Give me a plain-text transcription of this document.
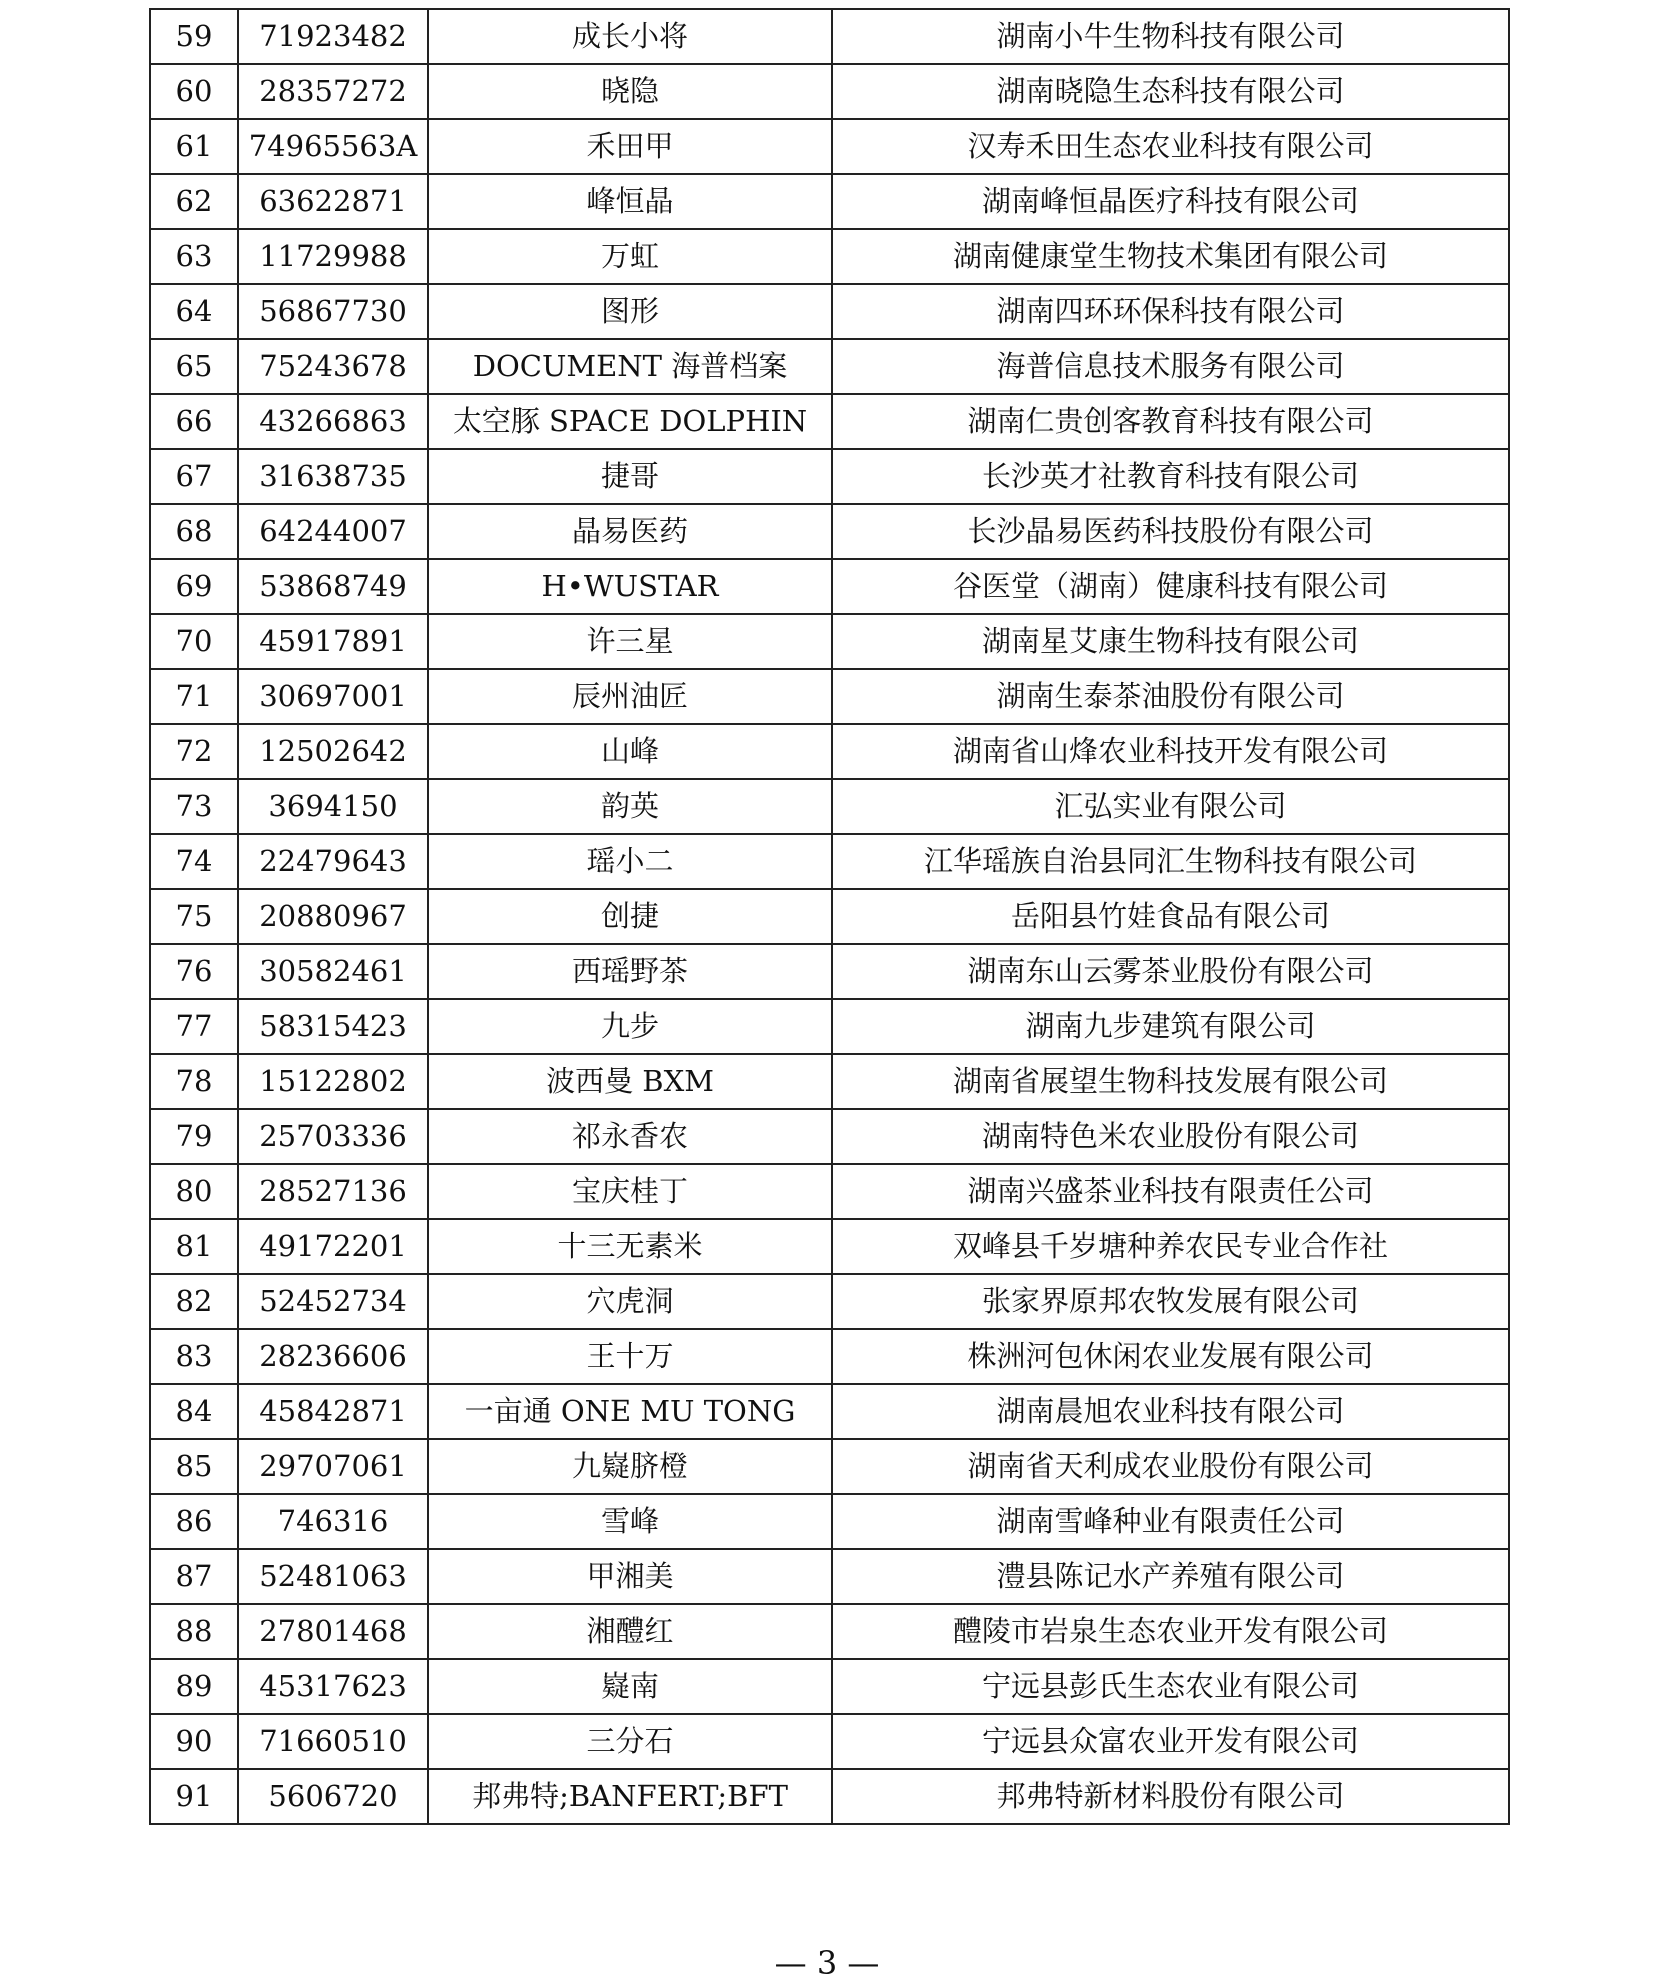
59	71923482	成长小将	湖南小牛生物科技有限公司
60	28357272	晓隐	湖南晓隐生态科技有限公司
61	74965563A	禾田甲	汉寿禾田生态农业科技有限公司
62	63622871	峰恒晶	湖南峰恒晶医疗科技有限公司
63	11729988	万虹	湖南健康堂生物技术集团有限公司
64	56867730	图形	湖南四环环保科技有限公司
65	75243678	DOCUMENT 海普档案	海普信息技术服务有限公司
66	43266863	太空豚 SPACE DOLPHIN	湖南仁贵创客教育科技有限公司
67	31638735	捷哥	长沙英才社教育科技有限公司
68	64244007	晶易医药	长沙晶易医药科技股份有限公司
69	53868749	H•WUSTAR	谷医堂（湖南）健康科技有限公司
70	45917891	许三星	湖南星艾康生物科技有限公司
71	30697001	辰州油匠	湖南生泰茶油股份有限公司
72	12502642	山峰	湖南省山烽农业科技开发有限公司
73	3694150	韵英	汇弘实业有限公司
74	22479643	瑶小二	江华瑶族自治县同汇生物科技有限公司
75	20880967	创捷	岳阳县竹娃食品有限公司
76	30582461	西瑶野茶	湖南东山云雾茶业股份有限公司
77	58315423	九步	湖南九步建筑有限公司
78	15122802	波西曼 BXM	湖南省展望生物科技发展有限公司
79	25703336	祁永香农	湖南特色米农业股份有限公司
80	28527136	宝庆桂丁	湖南兴盛茶业科技有限责任公司
81	49172201	十三无素米	双峰县千岁塘种养农民专业合作社
82	52452734	穴虎洞	张家界原邦农牧发展有限公司
83	28236606	王十万	株洲河包休闲农业发展有限公司
84	45842871	一亩通 ONE MU TONG	湖南晨旭农业科技有限公司
85	29707061	九嶷脐橙	湖南省天利成农业股份有限公司
86	746316	雪峰	湖南雪峰种业有限责任公司
87	52481063	甲湘美	澧县陈记水产养殖有限公司
88	27801468	湘醴红	醴陵市岩泉生态农业开发有限公司
89	45317623	嶷南	宁远县彭氏生态农业有限公司
90	71660510	三分石	宁远县众富农业开发有限公司
91	5606720	邦弗特;BANFERT;BFT	邦弗特新材料股份有限公司
— 3 —
